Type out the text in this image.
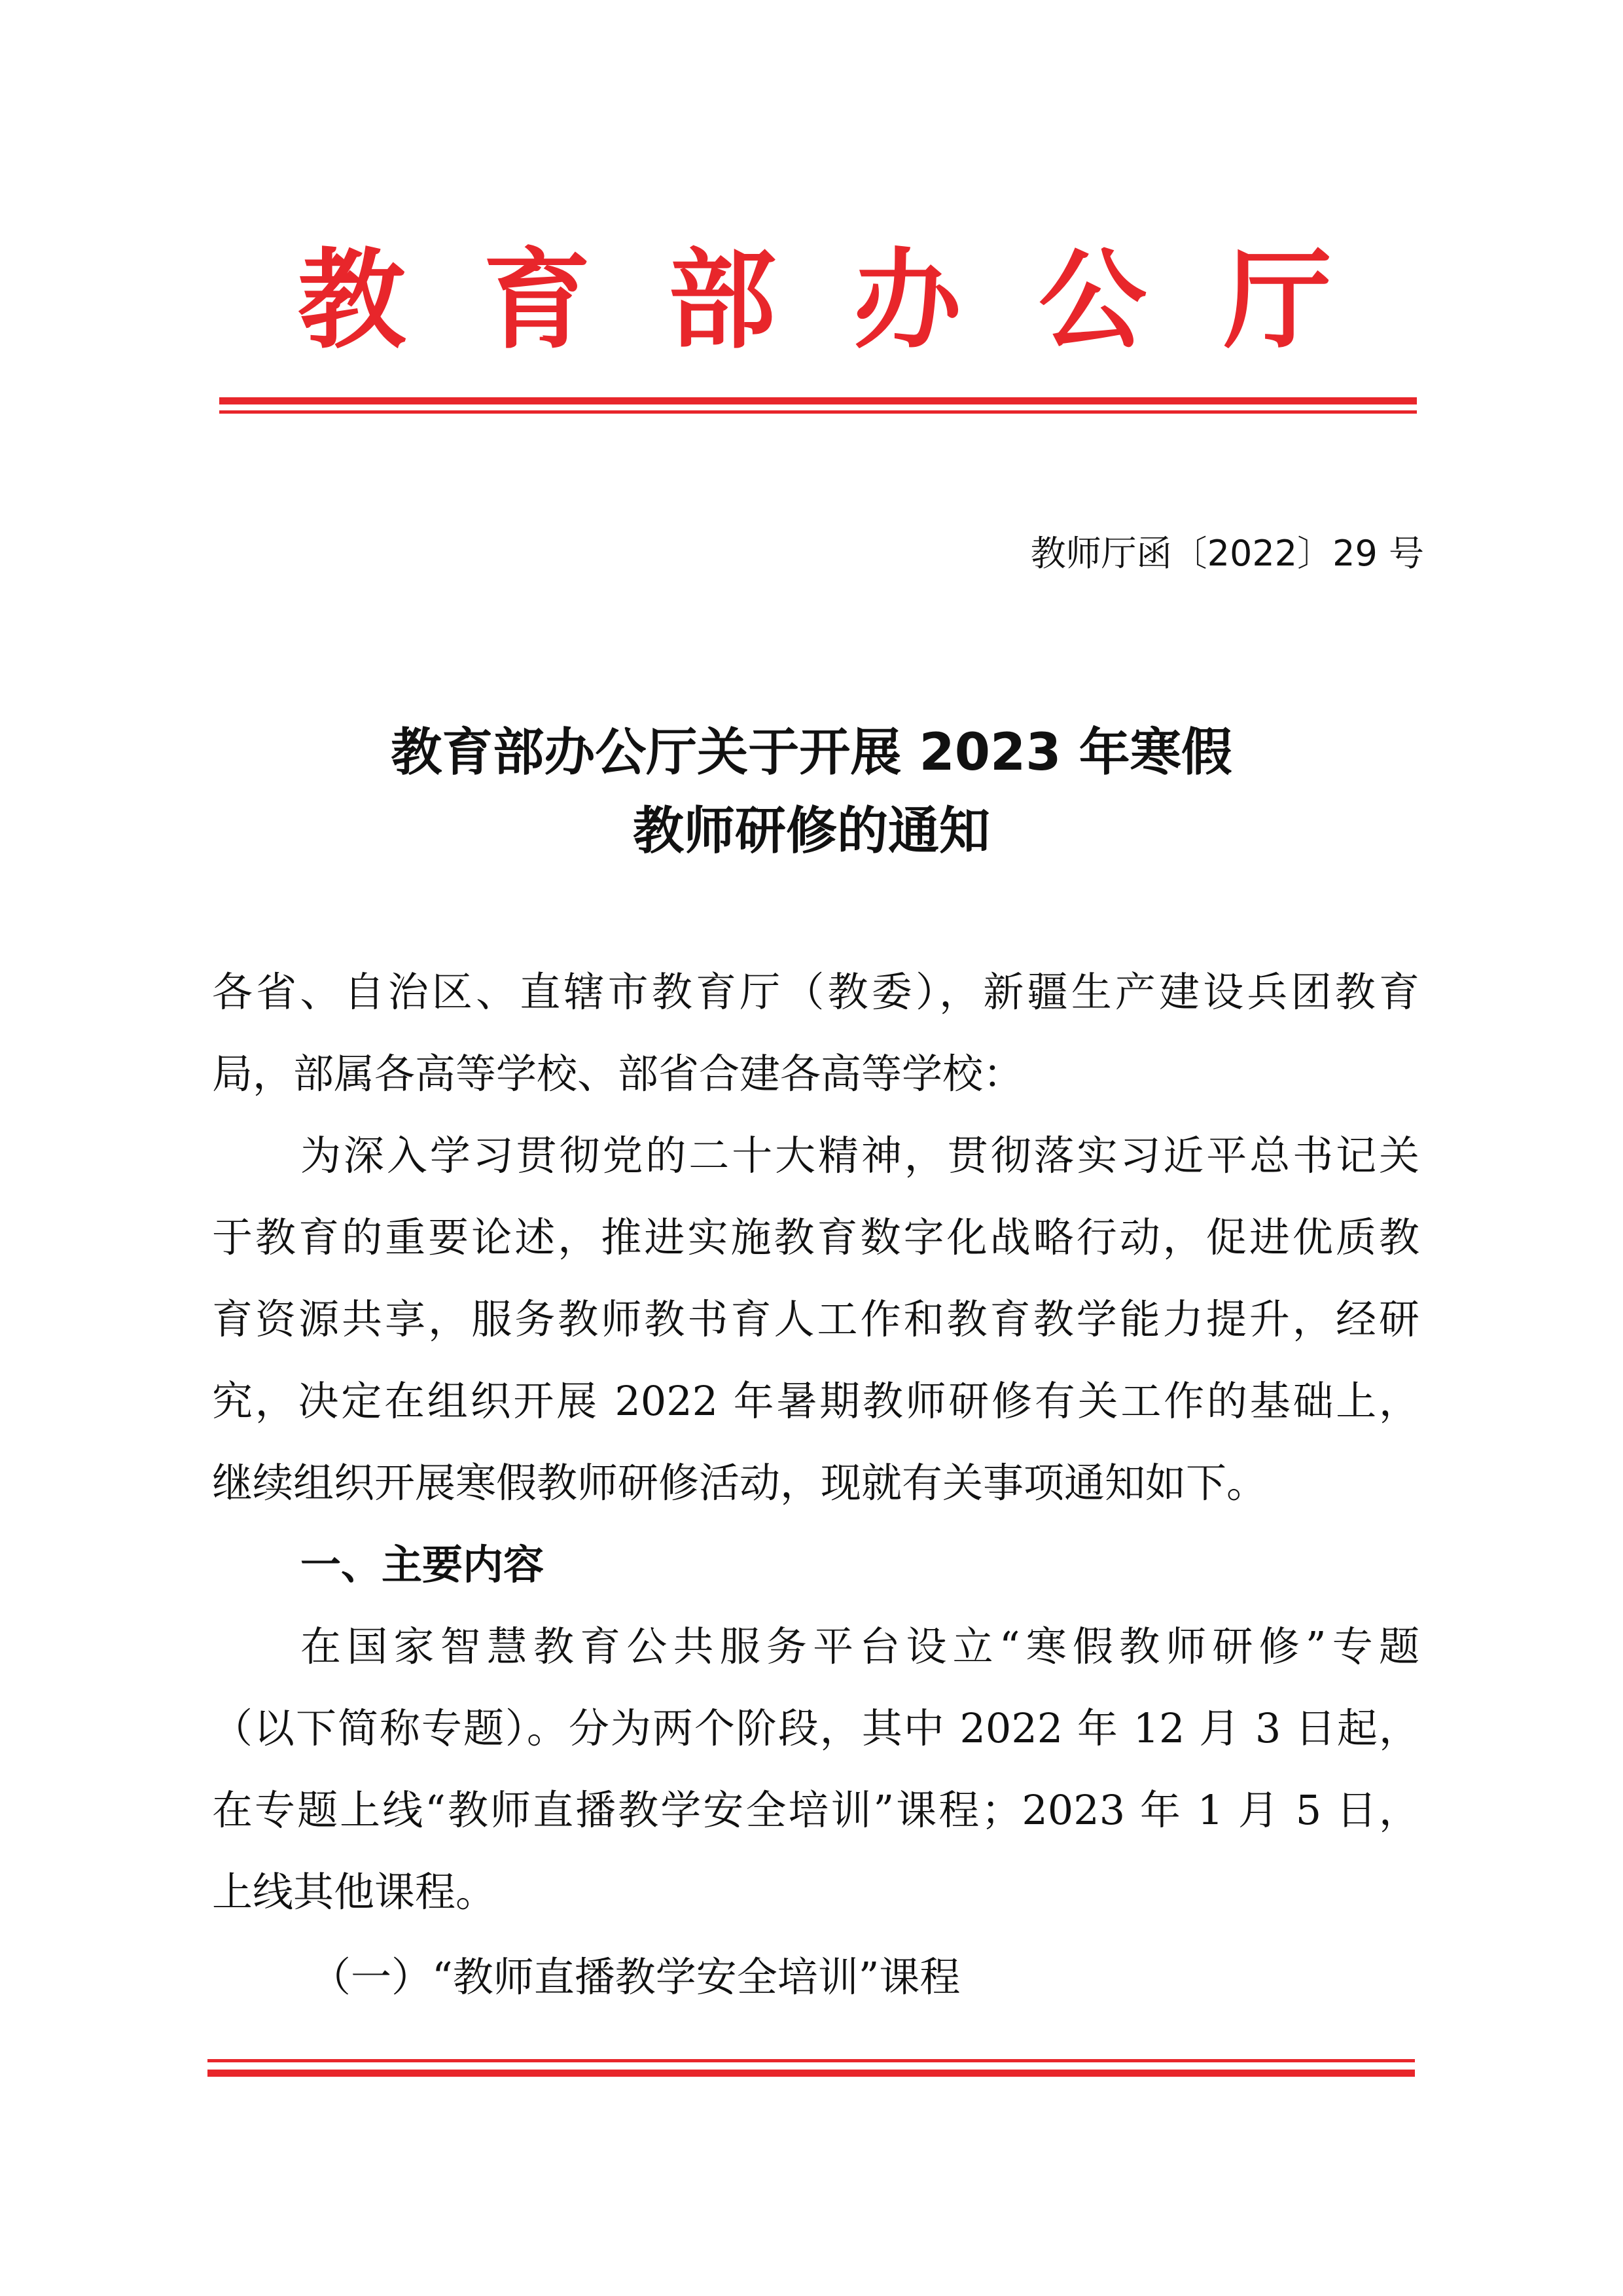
教 育 部 办 公 厅
教师厅函〔2022〕29 号
教育部办公厅关于开展 2023 年寒假
教师研修的通知
各省、自治区、直辖市教育厅（教委），新疆生产建设兵团教育
局，部属各高等学校、部省合建各高等学校：
为深入学习贯彻党的二十大精神，贯彻落实习近平总书记关
于教育的重要论述，推进实施教育数字化战略行动，促进优质教
育资源共享，服务教师教书育人工作和教育教学能力提升，经研
究，决定在组织开展 2022 年暑期教师研修有关工作的基础上，
继续组织开展寒假教师研修活动，现就有关事项通知如下。
一、主要内容
在国家智慧教育公共服务平台设立“寒假教师研修”专题
（以下简称专题）。分为两个阶段，其中 2022 年 12 月 3 日起，
在专题上线“教师直播教学安全培训”课程；2023 年 1 月 5 日，
上线其他课程。
（一）“教师直播教学安全培训”课程
